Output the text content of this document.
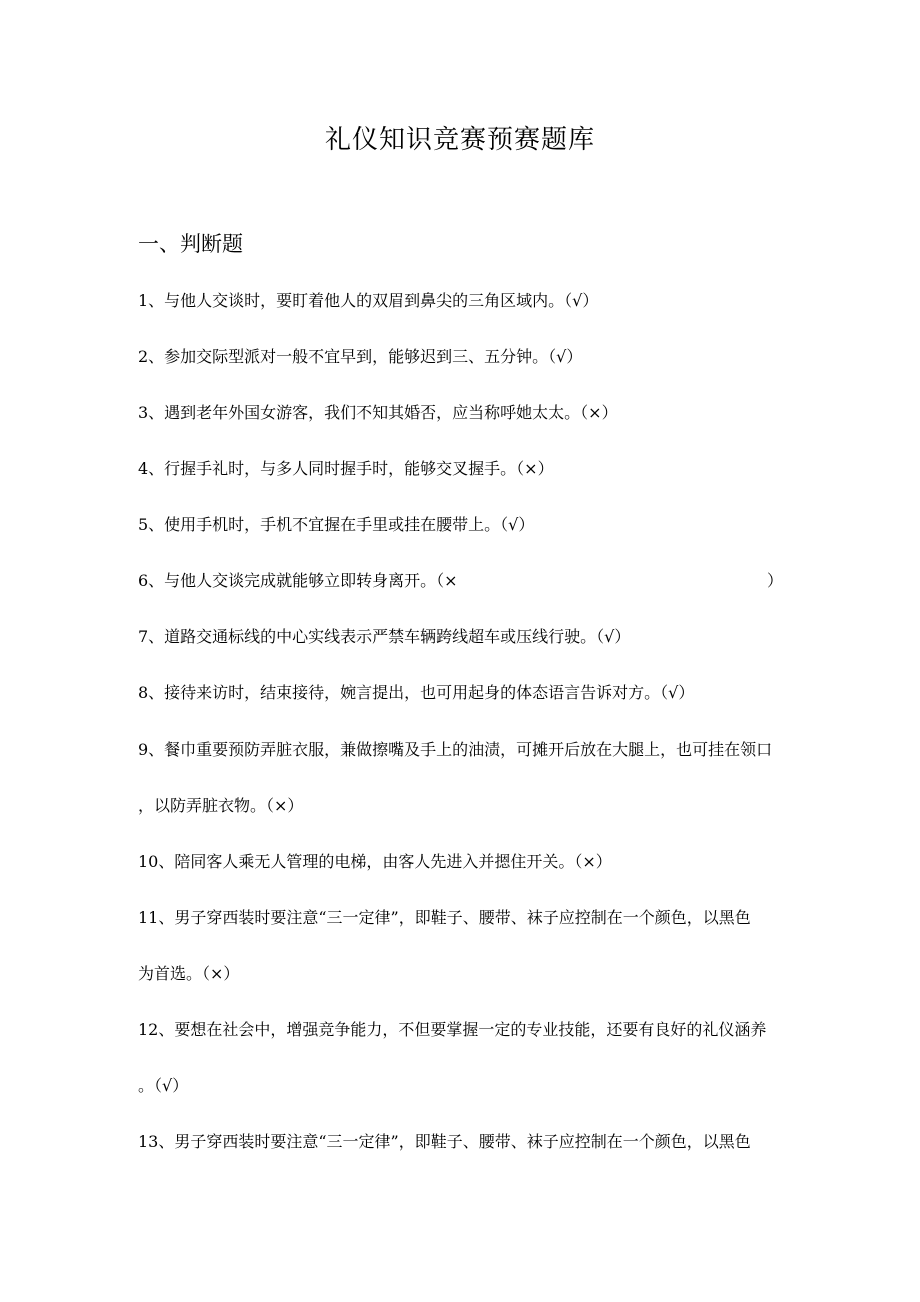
礼仪知识竞赛预赛题库
一、判断题
1、与他人交谈时，要盯着他人的双眉到鼻尖的三角区域内。（√）
2、参加交际型派对一般不宜早到，能够迟到三、五分钟。（√）
3、遇到老年外国女游客，我们不知其婚否，应当称呼她太太。（×）
4、行握手礼时，与多人同时握手时，能够交叉握手。（×）
5、使用手机时，手机不宜握在手里或挂在腰带上。（√）
6、与他人交谈完成就能够立即转身离开。（×	）
7、道路交通标线的中心实线表示严禁车辆跨线超车或压线行驶。（√）
8、接待来访时，结束接待，婉言提出，也可用起身的体态语言告诉对方。（√）
9、餐巾重要预防弄脏衣服，兼做擦嘴及手上的油渍，可摊开后放在大腿上，也可挂在领口
，以防弄脏衣物。（×）
10、陪同客人乘无人管理的电梯，由客人先进入并摁住开关。（×）
11、男子穿西装时要注意“三一定律”，即鞋子、腰带、袜子应控制在一个颜色，以黑色
为首选。（×）
12、要想在社会中，增强竞争能力，不但要掌握一定的专业技能，还要有良好的礼仪涵养
。（√）
13、男子穿西装时要注意“三一定律”，即鞋子、腰带、袜子应控制在一个颜色，以黑色
